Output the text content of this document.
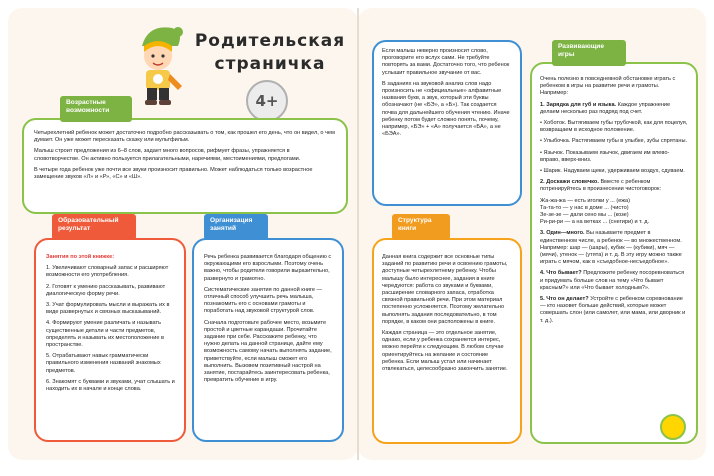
Родительская страничка
4+

Четырехлетний ребенок может достаточно подробно рассказывать о том, как прошел его день, что он видел, о чем думает. Он уже может пересказать сказку или мультфильм.

Малыш строит предложения из 6–8 слов, задает много вопросов, рифмует фразы, упражняется в словотворчестве. Он активно пользуется прилагательными, наречиями, местоимениями, предлогами.

В четыре года ребенок уже почти все звуки произносит правильно. Может наблюдаться только возрастное замещение звуков «Л» и «Р», «С» и «Ш».

Возрастные возможности

Занятия по этой книжке:

1. Увеличивают словарный запас и расширяют возможности его употребления.
2. Готовят к умению рассказывать, развивают диалогическую форму речи.
3. Учат формулировать мысли и выражать их в виде развернутых и связных высказываний.
4. Формируют умение различать и называть существенные детали и части предметов, определять и называть их местоположение в пространстве.
5. Отрабатывают навык грамматически правильного изменения названий знакомых предметов.
6. Знакомят с буквами и звуками, учат слышать и находить их в начале и конце слова.
Образовательный результат

Речь ребенка развивается благодаря общению с окружающими его взрослыми. Поэтому очень важно, чтобы родители говорили выразительно, развернуто и грамотно.

Систематические занятия по данной книге — отличный способ улучшить речь малыша, познакомить его с основами грамоты и поработать над звуковой структурой слов.

Сначала подготовьте рабочее место, возьмите простой и цветные карандаши. Прочитайте задание при себе. Расскажите ребенку, что нужно делать на данной странице, дайте ему возможность самому начать выполнять задание, приветствуйте, если малыш сможет его выполнить. Вызовем позитивный настрой на занятие, постарайтесь заинтересовать ребенка, превратить обучение в игру.

Организация занятий

Если малыш неверно произносит слово, проговорите его вслух сами. Не требуйте повторять за вами. Достаточно того, что ребенок услышит правильное звучание от вас.

В заданиях на звуковой анализ слов надо произносить не «официальные» алфавитные названия букв, а звук, который эти буквы обозначают (не «БЭ», а «Б»). Так создается почва для дальнейшего обучения чтению. Иначе ребенку потом будет сложно понять, почему, например, «БЭ» + «А» получается «БА», а не «БЭА».

Данная книга содержит все основные типы заданий по развитию речи и освоению грамоты, доступные четырехлетнему ребенку. Чтобы малышу было интереснее, задания в книге чередуются: работа со звуками и буквами, расширение словарного запаса, отработка связной правильной речи. При этом материал постепенно усложняется. Поэтому желательно выполнять задания последовательно, в том порядке, в каком они расположены в книге.

Каждая страница — это отдельное занятие, однако, если у ребенка сохраняется интерес, можно перейти к следующим. В любом случае ориентируйтесь на желание и состояние ребенка. Если малыш устал или начинает отвлекаться, целесообразно закончить занятие.

Структура книги

Очень полезно в повседневной обстановке играть с ребенком в игры на развитие речи и грамоты. Например:

1. Зарядка для губ и языка. Каждое упражнение делаем несколько раз подряд под счет.

• Хоботок. Вытягиваем губы трубочкой, как для поцелуя, возвращаем в исходное положение.

• Улыбочка. Растягиваем губы в улыбке, зубы спрятаны.

• Язычок. Показываем язычок, двигаем им влево-вправо, вверх-вниз.

• Шарик. Надуваем щеки, удерживаем воздух, сдуваем.

2. Доскажи словечко. Вместе с ребенком потренируйтесь в произнесении чистоговорок:

Жа-жа-жа — есть иголки у ... (ежа)
Та-та-то — у нас в доме ... (чисто)
Зе-зе-зе — дали сено мы ... (козе)
Ри-ри-ри — а на ветках ... (снегири) и т. д.

3. Один—много. Вы называете предмет в единственном числе, а ребенок — во множественном. Например: шар — (шары), кубик — (кубики), мяч — (мячи), утенок — (утята) и т. д. В эту игру можно также играть с мячом, как в «съедобное-несъедобное».

4. Что бывает? Предложите ребенку посоревноваться и придумать больше слов на тему «Что бывает красным?» или «Что бывает холодным?».

5. Что он делает? Устройте с ребенком соревнование — кто назовет больше действий, которые может совершать слон (или самолет, или мама, или дворник и т. д.).

Развивающие игры
